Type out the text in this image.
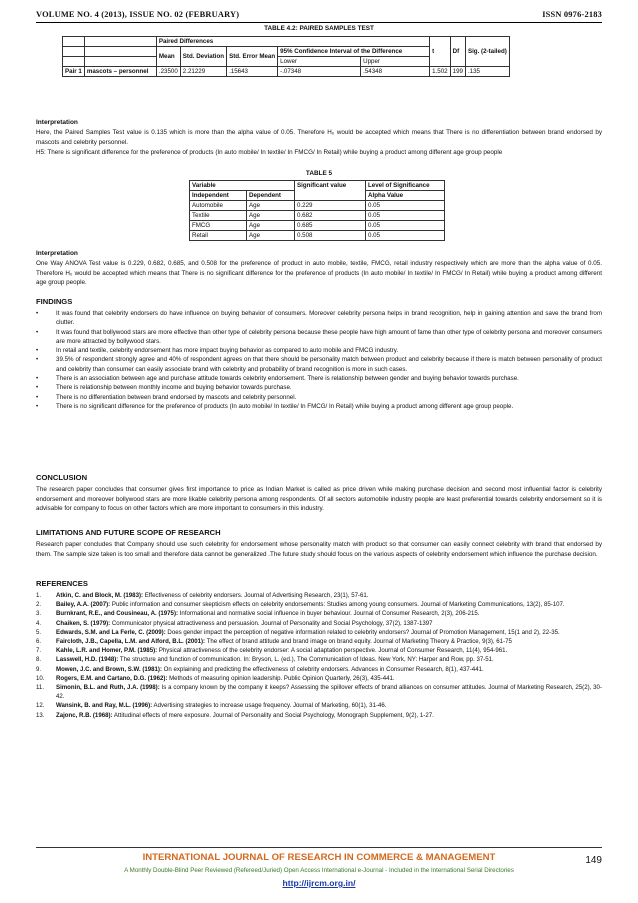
VOLUME NO. 4 (2013), ISSUE NO. 02 (FEBRUARY)	ISSN 0976-2183
TABLE 4.2: PAIRED SAMPLES TEST
		Paired Differences					t	Df	Sig. (2-tailed)
		Mean	Std. Deviation	Std. Error Mean	95% Confidence Interval of the Difference				
					Lower	Upper			
Pair 1	mascots – personnel	.23500	2.21229	.15643	-.07348	.54348	1.502	199	.135
Interpretation
Here, the Paired Samples Test value is 0.135 which is more than the alpha value of 0.05. Therefore H₀ would be accepted which means that There is no differentiation between brand endorsed by mascots and celebrity personnel.
H5: There is significant difference for the preference of products (In auto mobile/ In textile/ In FMCG/ In Retail) while buying a product among different age group people
TABLE 5
Variable		Significant value	Level of Significance
Independent	Dependent		Alpha Value
Automobile	Age	0.229	0.05
Textile	Age	0.682	0.05
FMCG	Age	0.685	0.05
Retail	Age	0.508	0.05
Interpretation
One Way ANOVA Test value is 0.229, 0.682, 0.685, and 0.508 for the preference of product in auto mobile, textile, FMCG, retail industry respectively which are more than the alpha value of 0.05. Therefore H₀ would be accepted which means that There is no significant difference for the preference of products (In auto mobile/ In textile/ In FMCG/ In Retail) while buying a product among different age group people.
FINDINGS
• It was found that celebrity endorsers do have influence on buying behavior of consumers. Moreover celebrity persona helps in brand recognition, help in gaining attention and save the brand from clutter.
• It was found that bollywood stars are more effective than other type of celebrity persona because these people have high amount of fame than other type of celebrity persona and moreover consumers are more attracted by bollywood stars.
• In retail and textile, celebrity endorsement has more impact buying behavior as compared to auto mobile and FMCG industry.
• 39.5% of respondent strongly agree and 40% of respondent agrees on that there should be personality match between product and celebrity because if there is match between personality of product and celebrity than consumer can easily associate brand with celebrity and probability of brand recognition is more in such cases.
• There is an association between age and purchase attitude towards celebrity endorsement. There is relationship between gender and buying behavior towards purchase.
• There is relationship between monthly income and buying behavior towards purchase.
• There is no differentiation between brand endorsed by mascots and celebrity personnel.
• There is no significant difference for the preference of products (In auto mobile/ In textile/ In FMCG/ In Retail) while buying a product among different age group people.
CONCLUSION
The research paper concludes that consumer gives first importance to price as Indian Market is called as price driven while making purchase decision and second most influential factor is celebrity endorsement and moreover bollywood stars are more likable celebrity persona among respondents. Of all sectors automobile industry people are least preferential towards celebrity endorsement so it is advisable for company to focus on other factors which are more important to consumers in this industry.
LIMITATIONS AND FUTURE SCOPE OF RESEARCH
Research paper concludes that Company should use such celebrity for endorsement whose personality match with product so that consumer can easily connect celebrity with brand that endorsed by them. The sample size taken is too small and therefore data cannot be generalized .The future study should focus on the various aspects of celebrity endorsement which influence the purchase decision.
REFERENCES
1. Atkin, C. and Block, M. (1983): Effectiveness of celebrity endorsers. Journal of Advertising Research, 23(1), 57-61.
2. Bailey, A.A. (2007): Public information and consumer skepticism effects on celebrity endorsements: Studies among young consumers. Journal of Marketing Communications, 13(2), 85-107.
3. Burnkrant, R.E., and Cousineau, A. (1975): Informational and normative social influence in buyer behaviour. Journal of Consumer Research, 2(3), 206-215.
4. Chaiken, S. (1979): Communicator physical attractiveness and persuasion. Journal of Personality and Social Psychology, 37(2), 1387-1397
5. Edwards, S.M. and La Ferle, C. (2009): Does gender impact the perception of negative information related to celebrity endorsers? Journal of Promotion Management, 15(1 and 2), 22-35.
6. Faircloth, J.B., Capella, L.M. and Alford, B.L. (2001): The effect of brand attitude and brand image on brand equity. Journal of Marketing Theory & Practice, 9(3), 61-75
7. Kahle, L.R. and Homer, P.M. (1985): Physical attractiveness of the celebrity endorser: A social adaptation perspective. Journal of Consumer Research, 11(4), 954-961.
8. Lasswell, H.D. (1948): The structure and function of communication. In: Bryson, L. (ed.), The Communication of Ideas. New York, NY: Harper and Row, pp. 37-51.
9. Mowen, J.C. and Brown, S.W. (1981): On explaining and predicting the effectiveness of celebrity endorsers. Advances in Consumer Research, 8(1), 437-441.
10. Rogers, E.M. and Cartano, D.G. (1962): Methods of measuring opinion leadership. Public Opinion Quarterly, 26(3), 435-441.
11. Simonin, B.L. and Ruth, J.A. (1998): Is a company known by the company it keeps? Assessing the spillover effects of brand alliances on consumer attitudes. Journal of Marketing Research, 25(2), 30-42.
12. Wansink, B. and Ray, M.L. (1996): Advertising strategies to increase usage frequency. Journal of Marketing, 60(1), 31-46.
13. Zajonc, R.B. (1968): Attitudinal effects of mere exposure. Journal of Personality and Social Psychology, Monograph Supplement, 9(2), 1-27.
INTERNATIONAL JOURNAL OF RESEARCH IN COMMERCE & MANAGEMENT	149
A Monthly Double-Blind Peer Reviewed (Refereed/Juried) Open Access International e-Journal - Included in the International Serial Directories
http://ijrcm.org.in/
